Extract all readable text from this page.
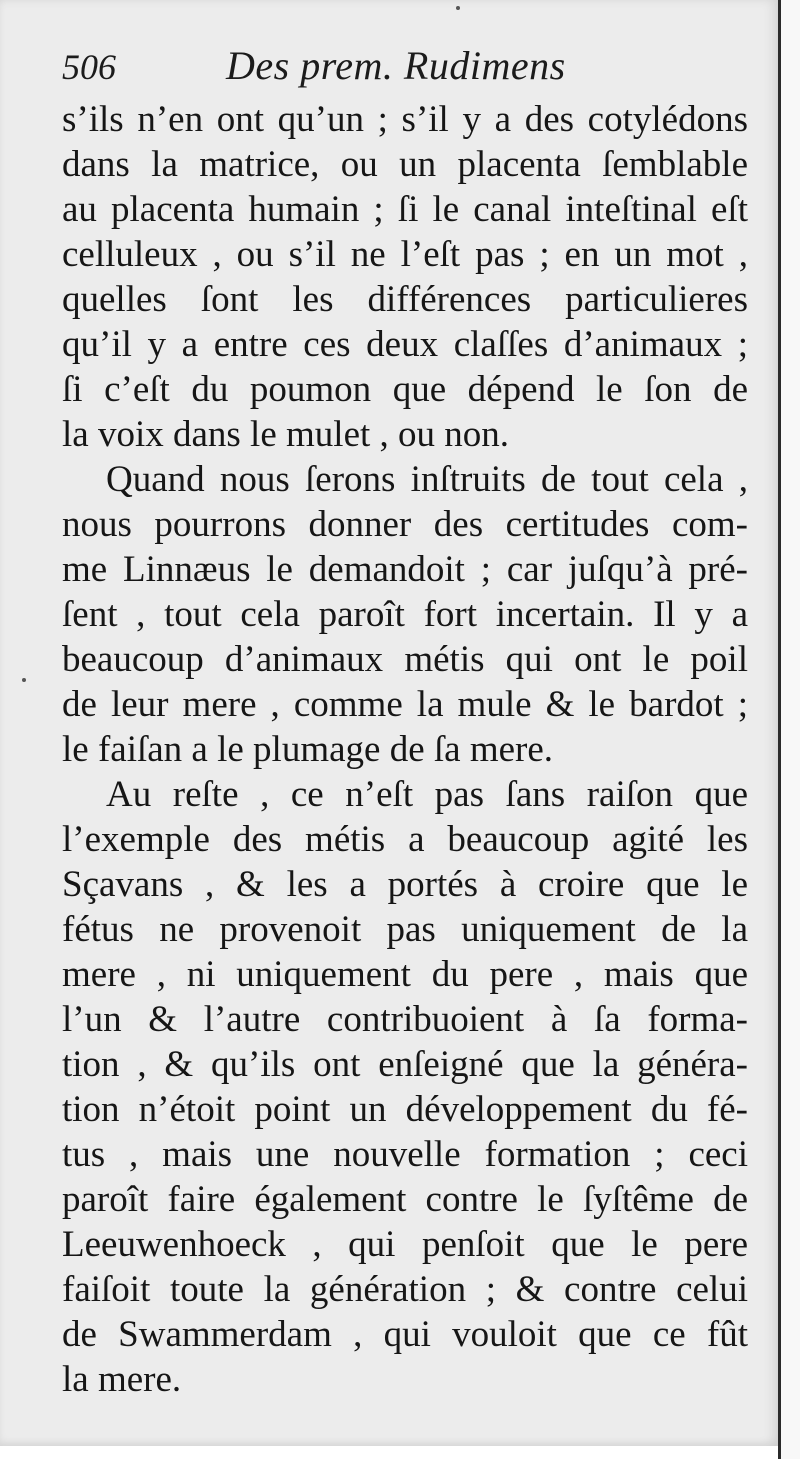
506	Des prem. Rudimens
s’ils n’en ont qu’un ; s’il y a des cotylédons
dans la matrice, ou un placenta ſemblable
au placenta humain ; ſi le canal inteſtinal eſt
celluleux , ou s’il ne l’eſt pas ; en un mot ,
quelles ſont les différences particulieres
qu’il y a entre ces deux claſſes d’animaux ;
ſi c’eſt du poumon que dépend le ſon de
la voix dans le mulet , ou non.
Quand nous ſerons inſtruits de tout cela ,
nous pourrons donner des certitudes com-
me Linnæus le demandoit ; car juſqu’à pré-
ſent , tout cela paroît fort incertain. Il y a
beaucoup d’animaux métis qui ont le poil
de leur mere , comme la mule & le bardot ;
le faiſan a le plumage de ſa mere.
Au reſte , ce n’eſt pas ſans raiſon que
l’exemple des métis a beaucoup agité les
Sçavans , & les a portés à croire que le
fétus ne provenoit pas uniquement de la
mere , ni uniquement du pere , mais que
l’un & l’autre contribuoient à ſa forma-
tion , & qu’ils ont enſeigné que la généra-
tion n’étoit point un développement du fé-
tus , mais une nouvelle formation ; ceci
paroît faire également contre le ſyſtême de
Leeuwenhoeck , qui penſoit que le pere
faiſoit toute la génération ; & contre celui
de Swammerdam , qui vouloit que ce fût
la mere.
